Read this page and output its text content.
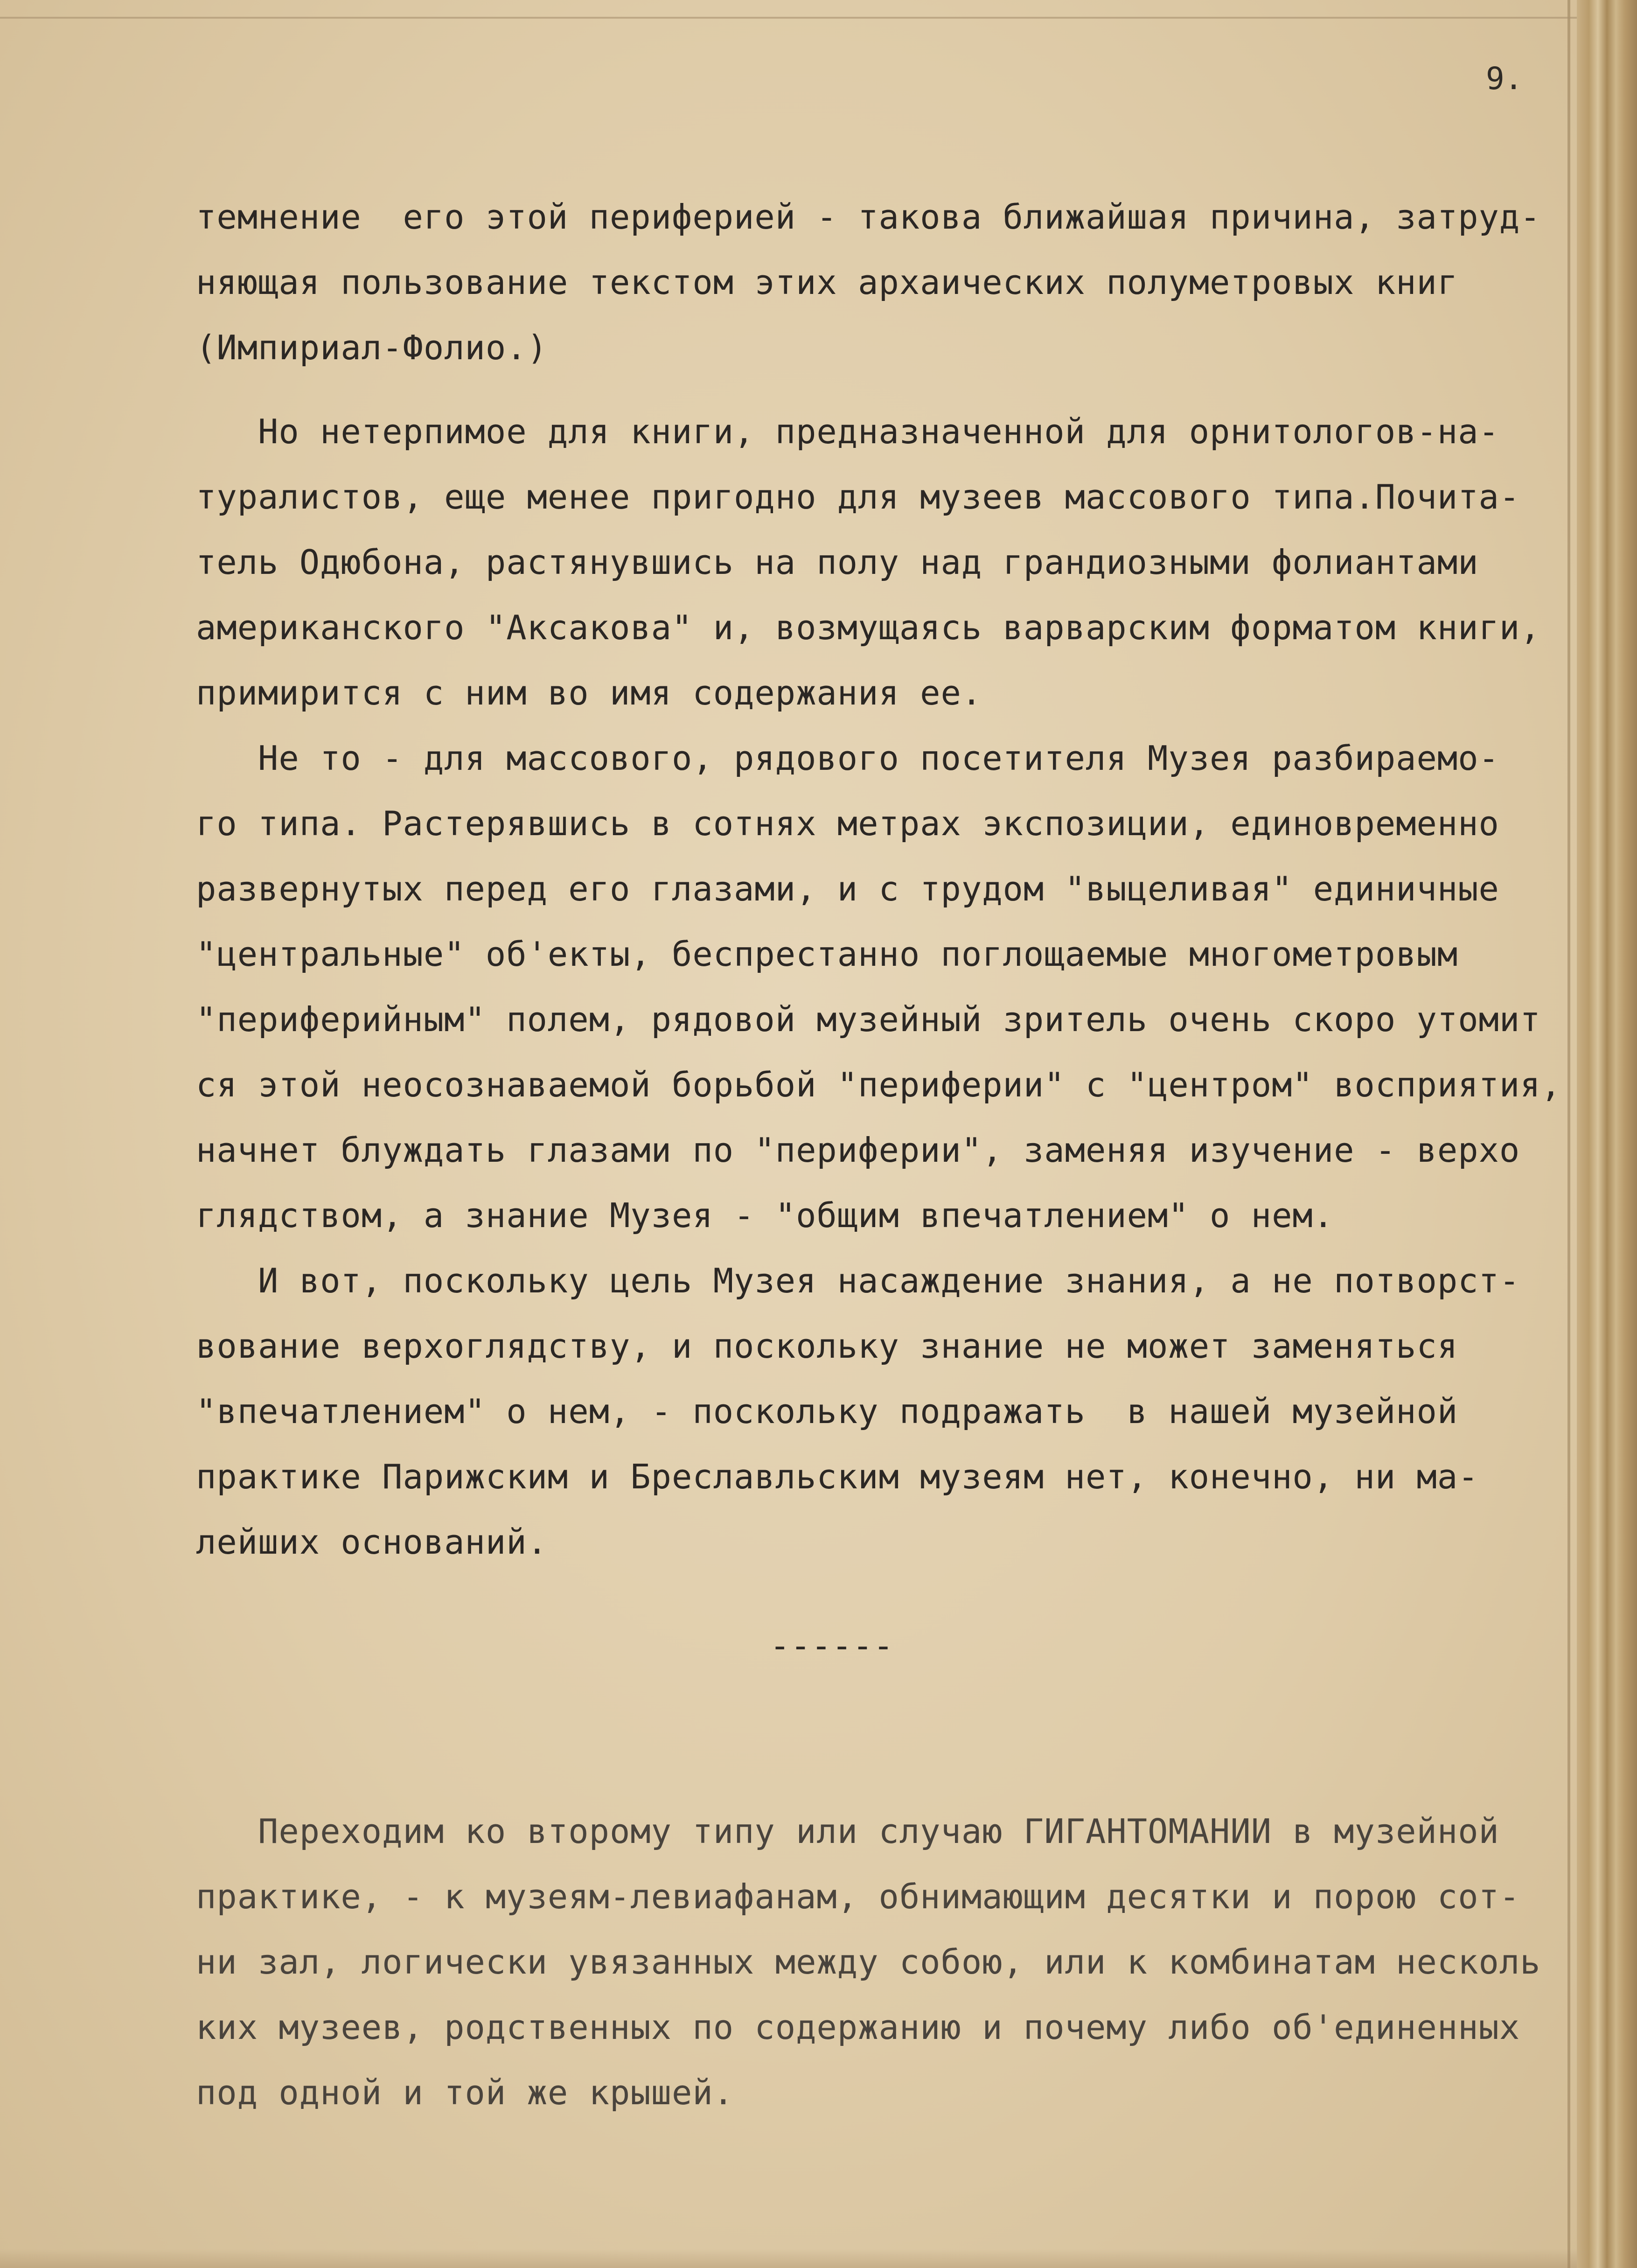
9.
темнение  его этой периферией - такова ближайшая причина, затруд-
няющая пользование текстом этих архаических полуметровых книг
(Импириал-Фолио.)
Но нетерпимое для книги, предназначенной для орнитологов-на-
туралистов, еще менее пригодно для музеев массового типа.Почита-
тель Одюбона, растянувшись на полу над грандиозными фолиантами
американского "Аксакова" и, возмущаясь варварским форматом книги,
примирится с ним во имя содержания ее.
Не то - для массового, рядового посетителя Музея разбираемо-
го типа. Растерявшись в сотнях метрах экспозиции, единовременно
развернутых перед его глазами, и с трудом "выцеливая" единичные
"центральные" об'екты, беспрестанно поглощаемые многометровым
"периферийным" полем, рядовой музейный зритель очень скоро утомит
ся этой неосознаваемой борьбой "периферии" с "центром" восприятия,
начнет блуждать глазами по "периферии", заменяя изучение - верхо
глядством, а знание Музея - "общим впечатлением" о нем.
И вот, поскольку цель Музея насаждение знания, а не потворст-
вование верхоглядству, и поскольку знание не может заменяться
"впечатлением" о нем, - поскольку подражать  в нашей музейной
практике Парижским и Бреславльским музеям нет, конечно, ни ма-
лейших оснований.
------
Переходим ко второму типу или случаю ГИГАНТОМАНИИ в музейной
практике, - к музеям-левиафанам, обнимающим десятки и порою сот-
ни зал, логически увязанных между собою, или к комбинатам несколь
ких музеев, родственных по содержанию и почему либо об'единенных
под одной и той же крышей.
